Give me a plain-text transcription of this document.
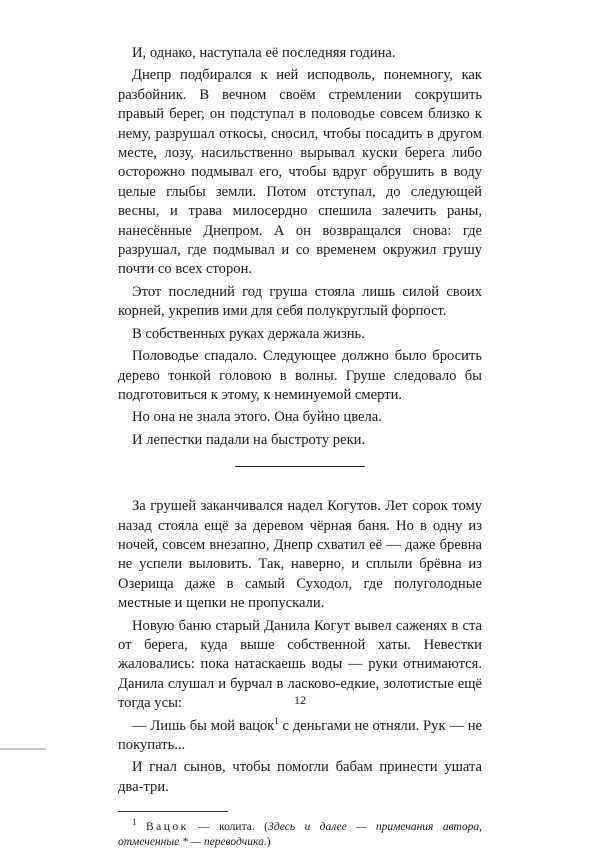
И, однако, наступала её последняя година.

Днепр подбирался к ней исподволь, понемногу, как разбойник. В вечном своём стремлении сокрушить правый берег, он подступал в половодье совсем близко к нему, разрушал откосы, сносил, чтобы посадить в другом месте, лозу, насильственно вырывал куски берега либо осторожно подмывал его, чтобы вдруг обрушить в воду целые глыбы земли. Потом отступал, до следующей весны, и трава милосердно спешила залечить раны, нанесённые Днепром. А он возвращался снова: где разрушал, где подмывал и со временем окружил грушу почти со всех сторон.

Этот последний год груша стояла лишь силой своих корней, укрепив ими для себя полукруглый форпост.

В собственных руках держала жизнь.

Половодье спадало. Следующее должно было бросить дерево тонкой головою в волны. Груше следовало бы подготовиться к этому, к неминуемой смерти.

Но она не знала этого. Она буйно цвела.

И лепестки падали на быстроту реки.

За грушей заканчивался надел Когутов. Лет сорок тому назад стояла ещё за деревом чёрная баня. Но в одну из ночей, совсем внезапно, Днепр схватил её — даже бревна не успели выловить. Так, наверно, и сплыли брёвна из Озерища даже в самый Суходол, где полуголодные местные и щепки не пропускали.

Новую баню старый Данила Когут вывел саженях в ста от берега, куда выше собственной хаты. Невестки жаловались: пока натаскаешь воды — руки отнимаются. Данила слушал и бурчал в ласково-едкие, золотистые ещё тогда усы:

— Лишь бы мой вацок$^1$ с деньгами не отняли. Рук — не покупать...

И гнал сынов, чтобы помогли бабам принести ушата два-три.

$^1$ Вацок — колита. (Здесь и далее — примечания автора, отмеченные * — переводчика.)

12
